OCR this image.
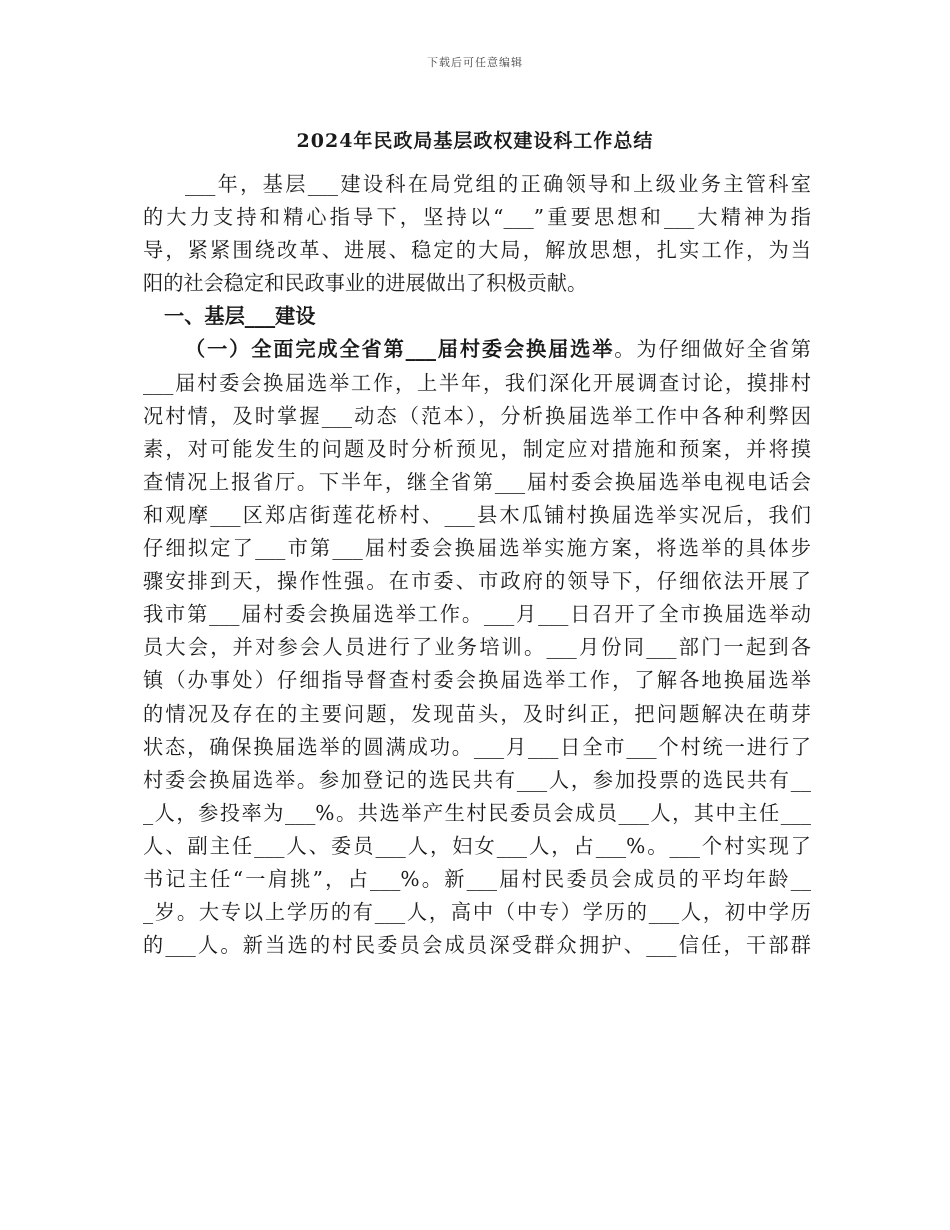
下载后可任意编辑
2024年民政局基层政权建设科工作总结
___年，基层___建设科在局党组的正确领导和上级业务主管科室
的大力支持和精心指导下，坚持以“___”重要思想和___大精神为指
导，紧紧围绕改革、进展、稳定的大局，解放思想，扎实工作，为当
阳的社会稳定和民政事业的进展做出了积极贡献。
一、基层___建设
（一）全面完成全省第___届村委会换届选举。为仔细做好全省第
___届村委会换届选举工作，上半年，我们深化开展调查讨论，摸排村
况村情，及时掌握___动态（范本），分析换届选举工作中各种利弊因
素，对可能发生的问题及时分析预见，制定应对措施和预案，并将摸
查情况上报省厅。下半年，继全省第___届村委会换届选举电视电话会
和观摩___区郑店街莲花桥村、___县木瓜铺村换届选举实况后，我们
仔细拟定了___市第___届村委会换届选举实施方案，将选举的具体步
骤安排到天，操作性强。在市委、市政府的领导下，仔细依法开展了
我市第___届村委会换届选举工作。___月___日召开了全市换届选举动
员大会，并对参会人员进行了业务培训。___月份同___部门一起到各
镇（办事处）仔细指导督查村委会换届选举工作，了解各地换届选举
的情况及存在的主要问题，发现苗头，及时纠正，把问题解决在萌芽
状态，确保换届选举的圆满成功。___月___日全市___个村统一进行了
村委会换届选举。参加登记的选民共有___人，参加投票的选民共有__
_人，参投率为___%。共选举产生村民委员会成员___人，其中主任___
人、副主任___人、委员___人，妇女___人，占___%。___个村实现了
书记主任“一肩挑”，占___%。新___届村民委员会成员的平均年龄__
_岁。大专以上学历的有___人，高中（中专）学历的___人，初中学历
的___人。新当选的村民委员会成员深受群众拥护、___信任，干部群
